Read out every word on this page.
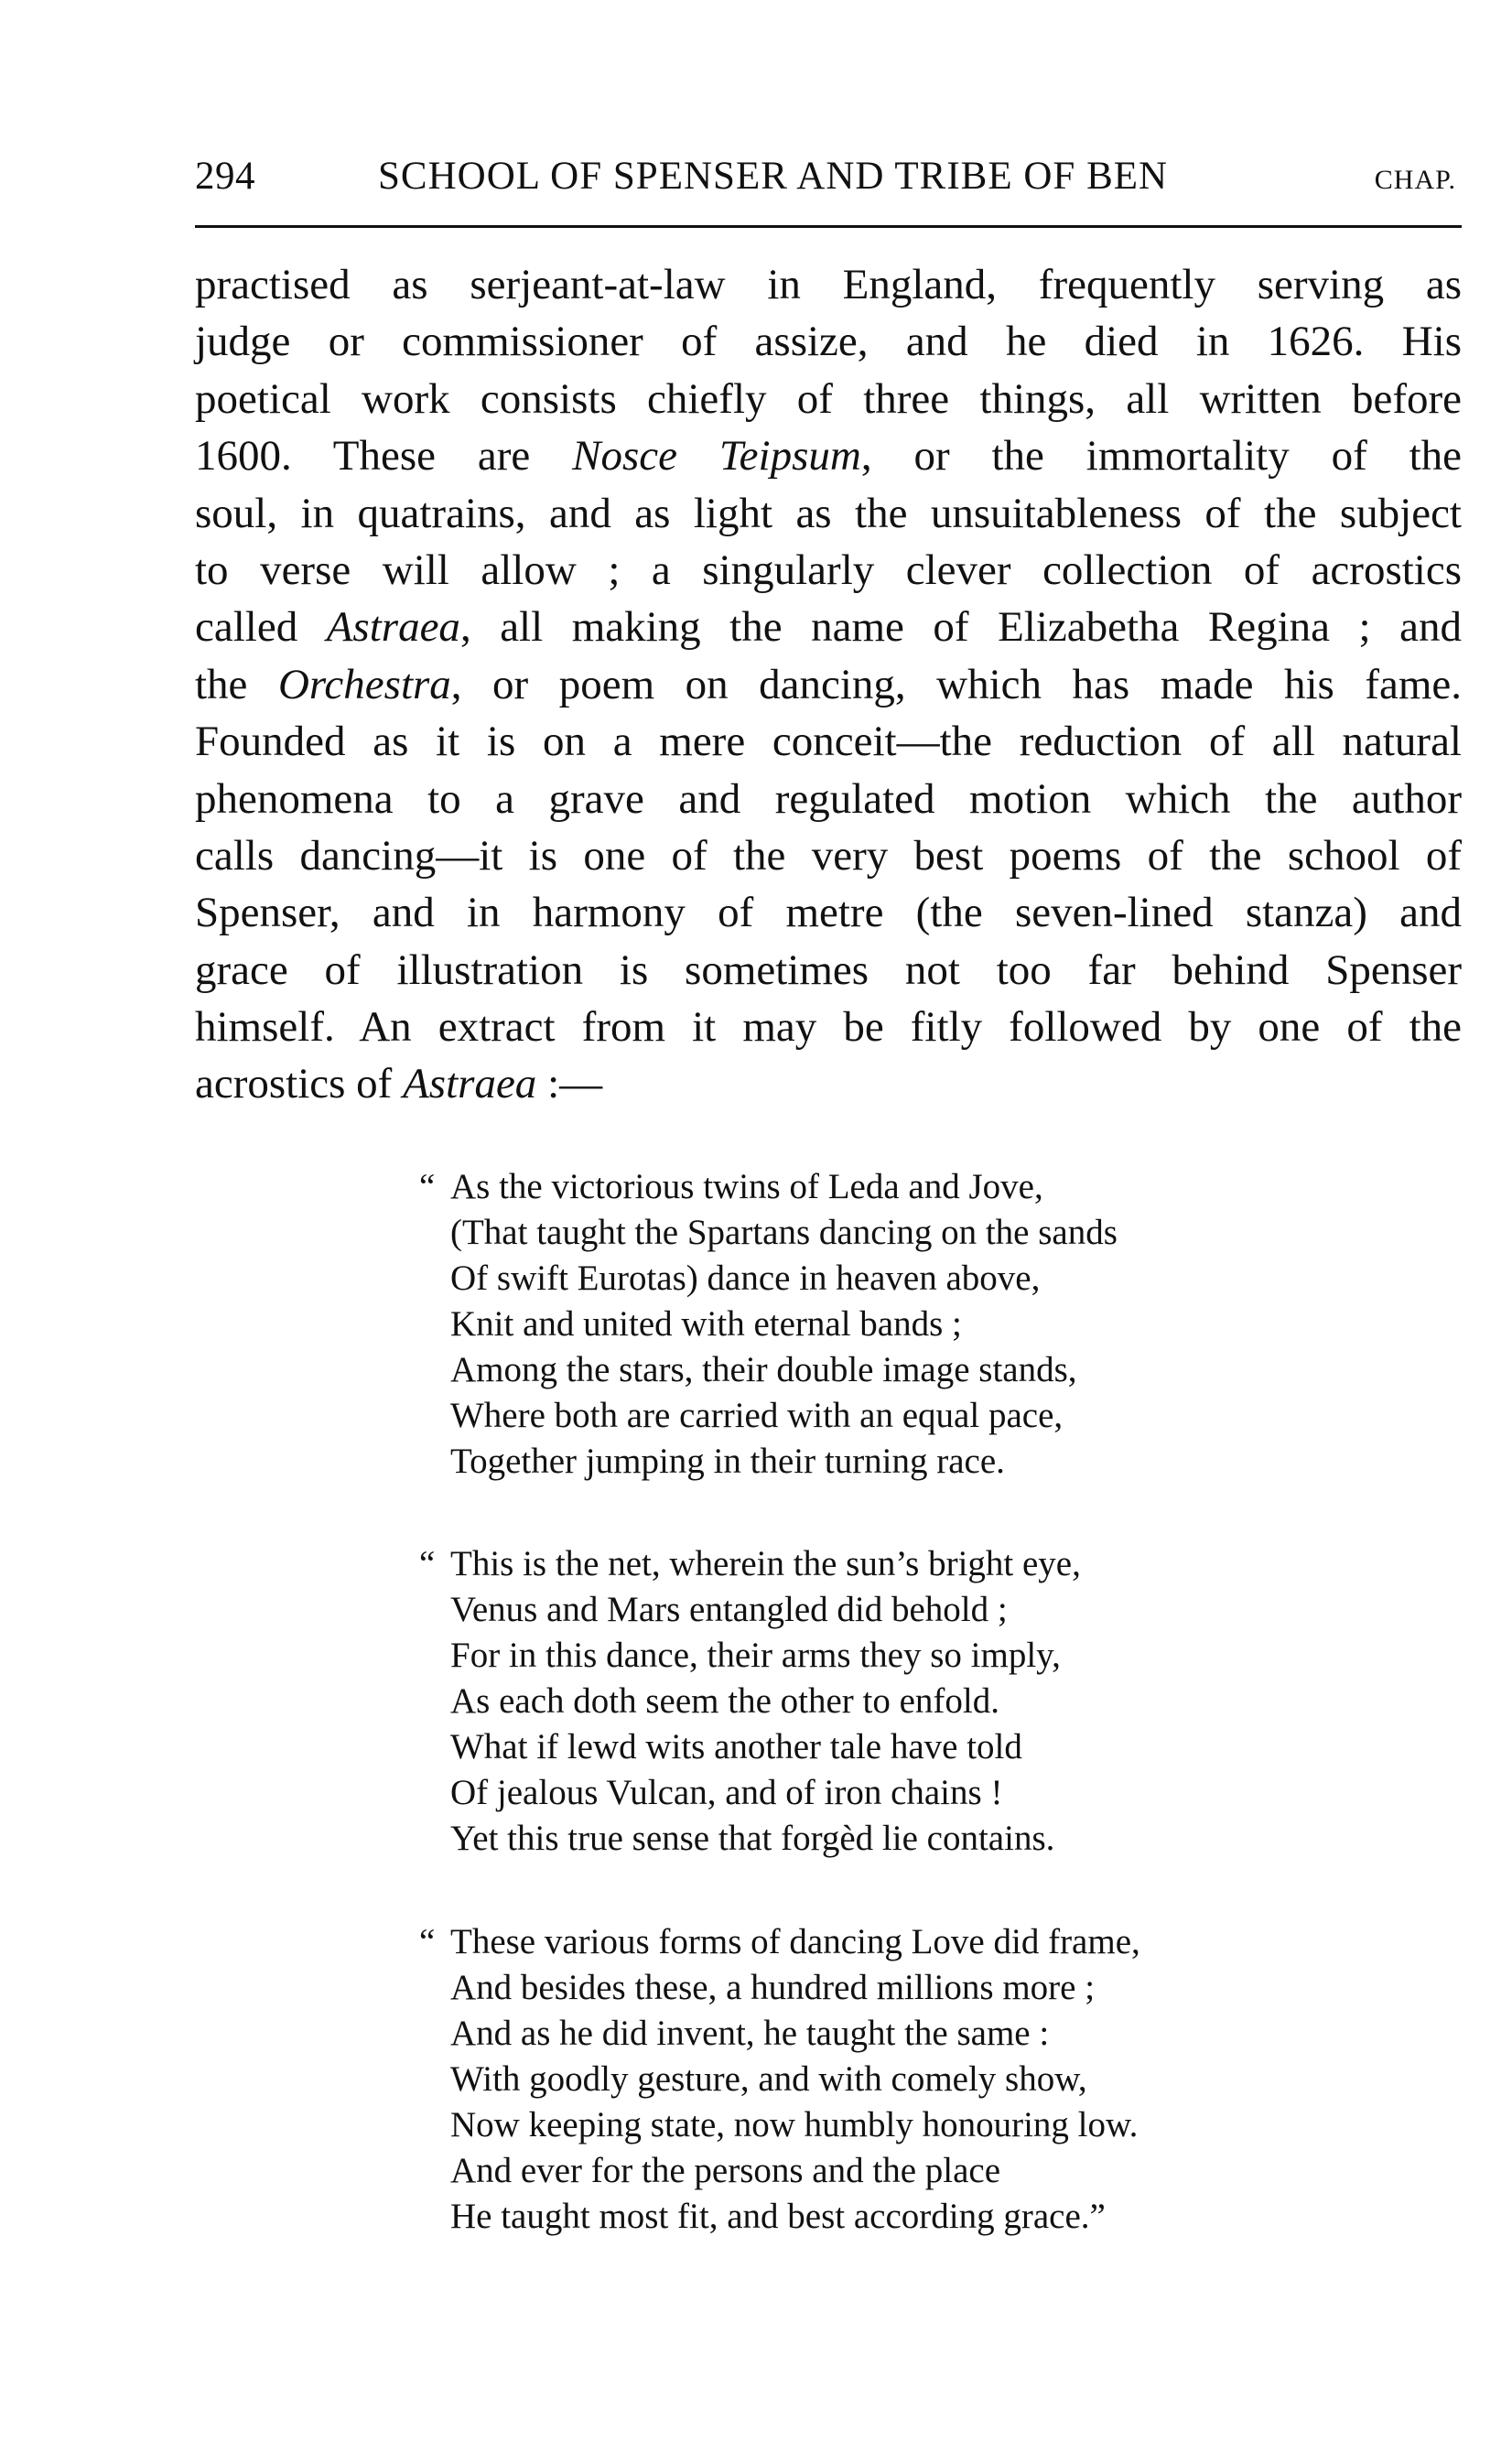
294	SCHOOL OF SPENSER AND TRIBE OF BEN	CHAP.
practised as serjeant-at-law in England, frequently serving as
judge or commissioner of assize, and he died in 1626. His
poetical work consists chiefly of three things, all written before
1600. These are Nosce Teipsum, or the immortality of the
soul, in quatrains, and as light as the unsuitableness of the subject
to verse will allow ; a singularly clever collection of acrostics
called Astraea, all making the name of Elizabetha Regina ; and
the Orchestra, or poem on dancing, which has made his fame.
Founded as it is on a mere conceit—the reduction of all natural
phenomena to a grave and regulated motion which the author
calls dancing—it is one of the very best poems of the school of
Spenser, and in harmony of metre (the seven-lined stanza) and
grace of illustration is sometimes not too far behind Spenser
himself. An extract from it may be fitly followed by one of the
acrostics of Astraea :—
“ As the victorious twins of Leda and Jove,
(That taught the Spartans dancing on the sands
Of swift Eurotas) dance in heaven above,
Knit and united with eternal bands ;
Among the stars, their double image stands,
Where both are carried with an equal pace,
Together jumping in their turning race.
“ This is the net, wherein the sun’s bright eye,
Venus and Mars entangled did behold ;
For in this dance, their arms they so imply,
As each doth seem the other to enfold.
What if lewd wits another tale have told
Of jealous Vulcan, and of iron chains !
Yet this true sense that forgèd lie contains.
“ These various forms of dancing Love did frame,
And besides these, a hundred millions more ;
And as he did invent, he taught the same :
With goodly gesture, and with comely show,
Now keeping state, now humbly honouring low.
And ever for the persons and the place
He taught most fit, and best according grace.”
